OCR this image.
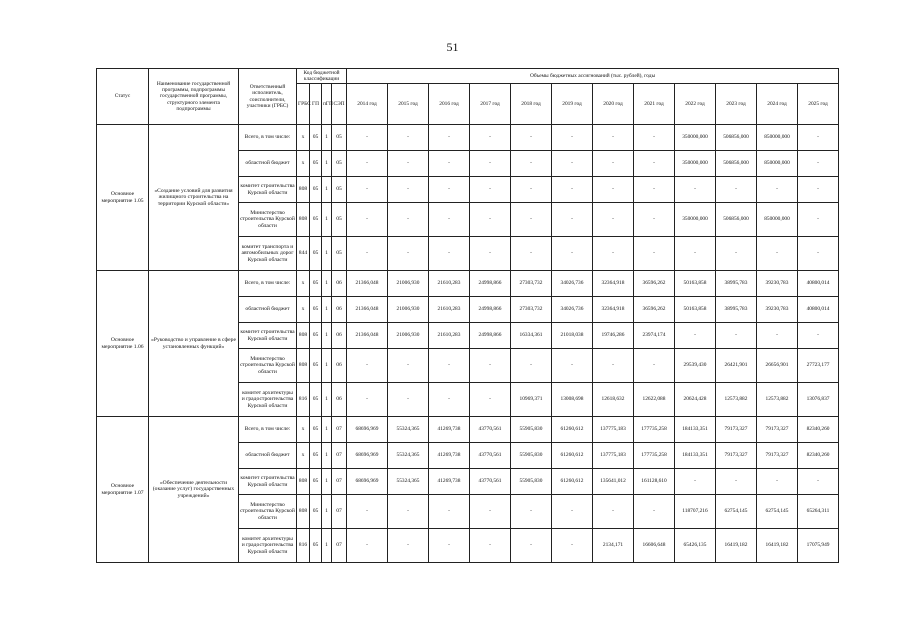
51
Статус	Наименование государственной программы, подпрограммы государственной программы, структурного элемента подпрограммы	Ответственный исполнитель, соисполнители, участники (ГРБС)	Код бюджетной классификации				Объемы бюджетных ассигнований (тыс. рублей), годы											
			ГРБС	ГП	пГП	СЭП	2014 год	2015 год	2016 год	2017 год	2018 год	2019 год	2020 год	2021 год	2022 год	2023 год	2024 год	2025 год
Основное мероприятие 1.05	«Создание условий для развития жилищного строительства на территории Курской области»	Всего, в том числе:	х	05	1	05	-	-	-	-	-	-	-	-	350000,000	506856,000	850000,000	-
		областной бюджет	х	05	1	05	-	-	-	-	-	-	-	-	350000,000	506856,000	850000,000	-
		комитет строительства Курской области	808	05	1	05	-	-	-	-	-	-	-	-	-	-	-	-
		Министерство строительства Курской области	808	05	1	05	-	-	-	-	-	-	-	-	350000,000	506856,000	850000,000	-
		комитет транспорта и автомобильных дорог Курской области	844	05	1	05	-	-	-	-	-	-	-	-	-	-	-	-
Основное мероприятие 1.06	«Руководство и управление в сфере установленных функций»	Всего, в том числе:	х	05	1	06	21366,048	21006,930	21610,283	24998,866	27303,732	34026,736	32364,918	36596,262	50163,858	38995,783	39230,783	40800,014
		областной бюджет	х	05	1	06	21366,048	21006,930	21610,283	24998,866	27303,732	34026,736	32364,918	36596,262	50163,858	38995,783	39230,783	40800,014
		комитет строительства Курской области	808	05	1	06	21366,048	21006,930	21610,283	24998,866	16334,361	21018,038	19746,286	23974,174	-	-	-	-
		Министерство строительства Курской области	808	05	1	06	-	-	-	-	-	-	-	-	29539,430	26421,901	26656,901	27723,177
		комитет архитектуры и градостроительства Курской области	816	05	1	06	-	-	-	-	10969,371	13008,698	12618,632	12622,088	20624,428	12573,882	12573,882	13076,837
Основное мероприятие 1.07	«Обеспечение деятельности (оказание услуг) государственных учреждений»	Всего, в том числе:	х	05	1	07	68696,969	55324,365	41269,738	43770,561	55905,830	61260,612	137775,183	177735,258	184133,351	79173,327	79173,327	82340,260
		областной бюджет	х	05	1	07	68696,969	55324,365	41269,738	43770,561	55905,830	61260,612	137775,183	177735,258	184133,351	79173,327	79173,327	82340,260
		комитет строительства Курской области	808	05	1	07	68696,969	55324,365	41269,738	43770,561	55905,830	61260,612	135641,012	161128,610	-	-	-	-
		Министерство строительства Курской области	808	05	1	07	-	-	-	-	-	-	-	-	118707,216	62754,145	62754,145	65264,311
		комитет архитектуры и градостроительства Курской области	816	05	1	07	-	-	-	-	-	-	2134,171	16606,648	65426,135	16419,182	16419,182	17075,949
